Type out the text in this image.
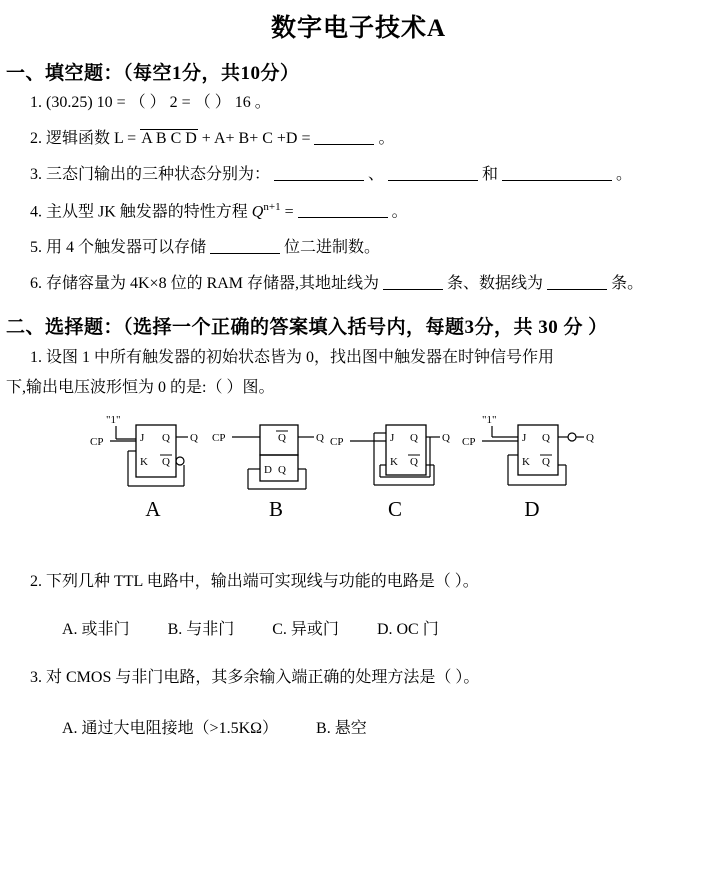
数字电子技术A
一、填空题：（每空1分，共10分）
1. (30.25) 10 = （ ） 2 = （ ） 16 。
2. 逻辑函数 L = A B C D + A+ B+ C +D =	。
3. 三态门输出的三种状态分别为：	、	和	。
4. 主从型 JK 触发器的特性方程 $Q^{n+1}$ =	。
5. 用 4 个触发器可以存储	位二进制数。
6. 存储容量为 4K×8 位的 RAM 存储器,其地址线为	条、数据线为	条。
二、选择题：（选择一个正确的答案填入括号内，每题3分，共 30 分 ）
1. 设图 1 中所有触发器的初始状态皆为 0，找出图中触发器在时钟信号作用
下,输出电压波形恒为 0 的是:（ ）图。
"1"
CP	J
K
Q
Q
Q
A
CP	Q
Q
D
Q
B
CP	J
K
Q
Q
Q
C
"1"
CP	J
K
Q
Q
Q
D
2. 下列几种 TTL 电路中，输出端可实现线与功能的电路是（ ）。
A. 或非门 B. 与非门 C. 异或门 D. OC 门
3. 对 CMOS 与非门电路，其多余输入端正确的处理方法是（ ）。
A. 通过大电阻接地（>1.5KΩ） B. 悬空
